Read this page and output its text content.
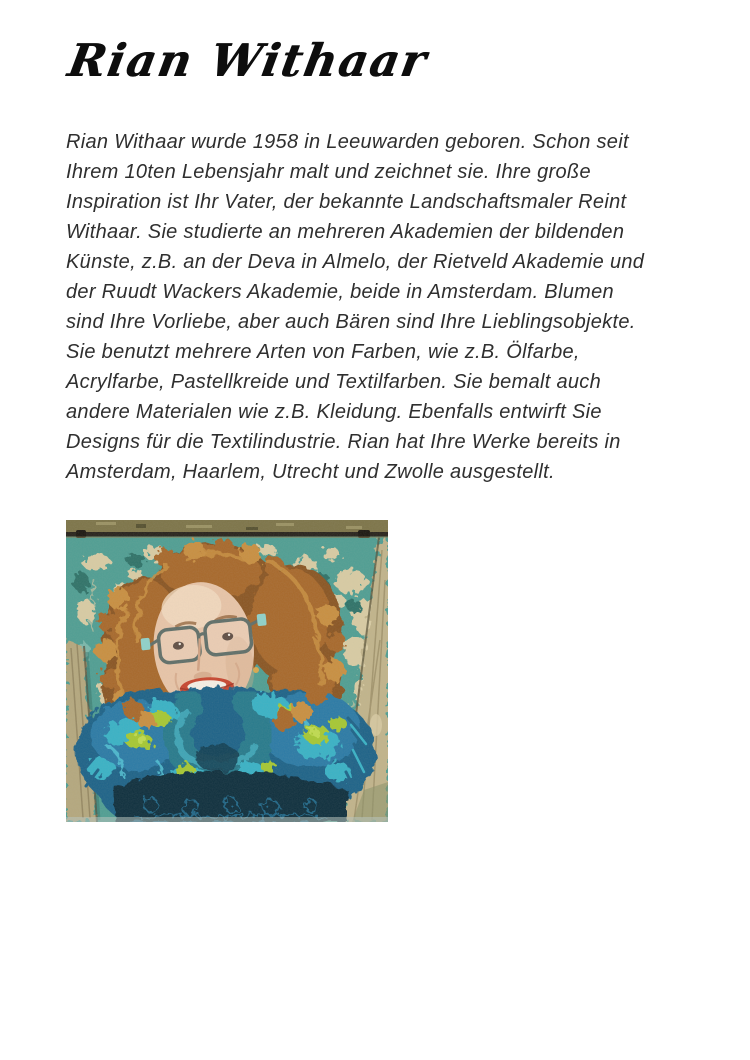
Rian Withaar
Rian Withaar wurde 1958 in Leeuwarden geboren. Schon seit
Ihrem 10ten Lebensjahr malt und zeichnet sie. Ihre große
Inspiration ist Ihr Vater, der bekannte Landschaftsmaler Reint
Withaar. Sie studierte an mehreren Akademien der bildenden
Künste, z.B. an der Deva in Almelo, der Rietveld Akademie und
der Ruudt Wackers Akademie, beide in Amsterdam. Blumen
sind Ihre Vorliebe, aber auch Bären sind Ihre Lieblingsobjekte.
Sie benutzt mehrere Arten von Farben, wie z.B. Ölfarbe,
Acrylfarbe, Pastellkreide und Textilfarben. Sie bemalt auch
andere Materialen wie z.B. Kleidung. Ebenfalls entwirft Sie
Designs für die Textilindustrie. Rian hat Ihre Werke bereits in
Amsterdam, Haarlem, Utrecht und Zwolle ausgestellt.
